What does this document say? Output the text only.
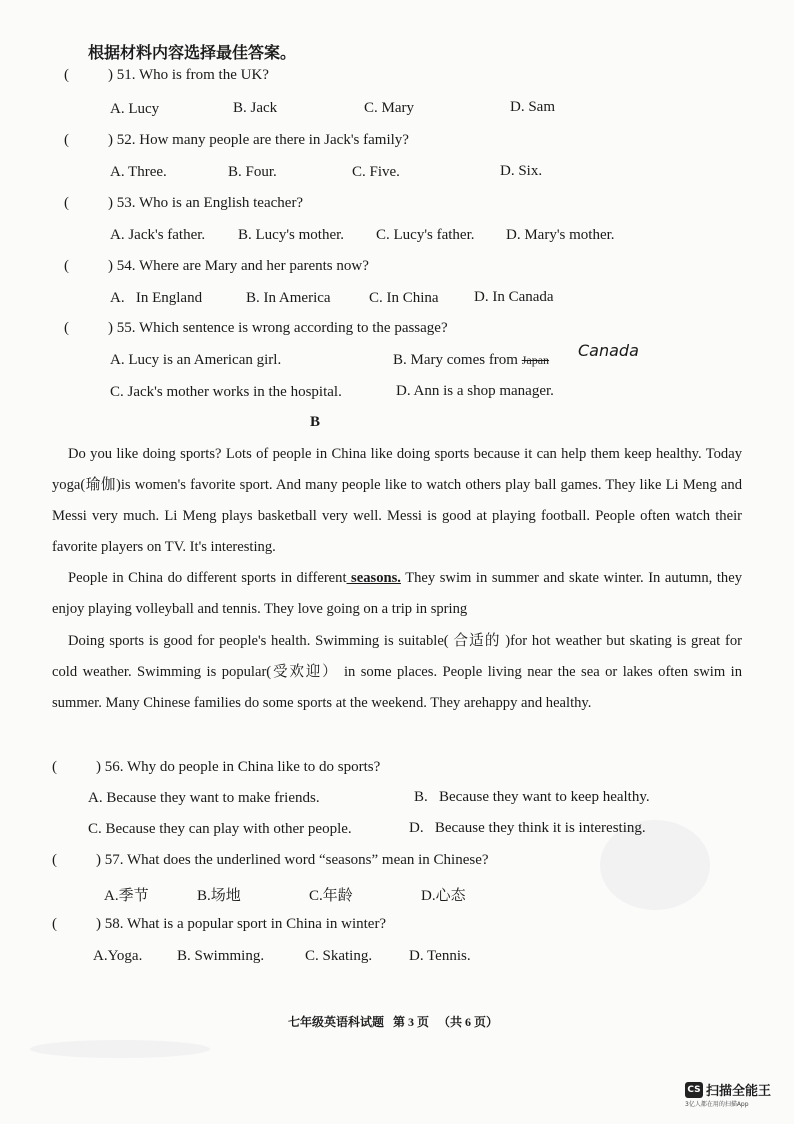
根据材料内容选择最佳答案。
(	) 51. Who is from the UK?
A. Lucy	B. Jack	C. Mary	D. Sam
(	) 52. How many people are there in Jack's family?
A. Three.	B. Four.	C. Five.	D. Six.
(	) 53. Who is an English teacher?
A. Jack's father. B. Lucy's mother. C. Lucy's father. D. Mary's mother.
(	) 54. Where are Mary and her parents now?
A.   In England	B. In America	C. In China D. In Canada
(	) 55. Which sentence is wrong according to the passage?
A. Lucy is an American girl.	B. Mary comes from Japan Canada
C. Jack's mother works in the hospital.	D. Ann is a shop manager.
B
Do you like doing sports? Lots of people in China like doing sports because it can help them keep healthy. Today yoga(瑜伽)is women's favorite sport. And many people like to watch others play ball games. They like Li Meng and Messi very much. Li Meng plays basketball very well. Messi is good at playing football. People often watch their favorite players on TV. It's interesting.
People in China do different sports in different seasons. They swim in summer and skate winter. In autumn, they enjoy playing volleyball and tennis. They love going on a trip in spring
Doing sports is good for people's health. Swimming is suitable( 合适的 )for hot weather but skating is great for cold weather. Swimming is popular(受欢迎） in some places. People living near the sea or lakes often swim in summer. Many Chinese families do some sports at the weekend. They arehappy and healthy.
(	) 56. Why do people in China like to do sports?
A. Because they want to make friends.	B.   Because they want to keep healthy.
C. Because they can play with other people.	D.   Because they think it is interesting.
(	) 57. What does the underlined word “seasons” mean in Chinese?
A.季节	B.场地	C.年龄	D.心态
(	) 58. What is a popular sport in China in winter?
A.Yoga. B. Swimming.	C. Skating. D. Tennis.
七年级英语科试题   第 3 页   （共 6 页）
CS 扫描全能王
3亿人都在用的扫描App
